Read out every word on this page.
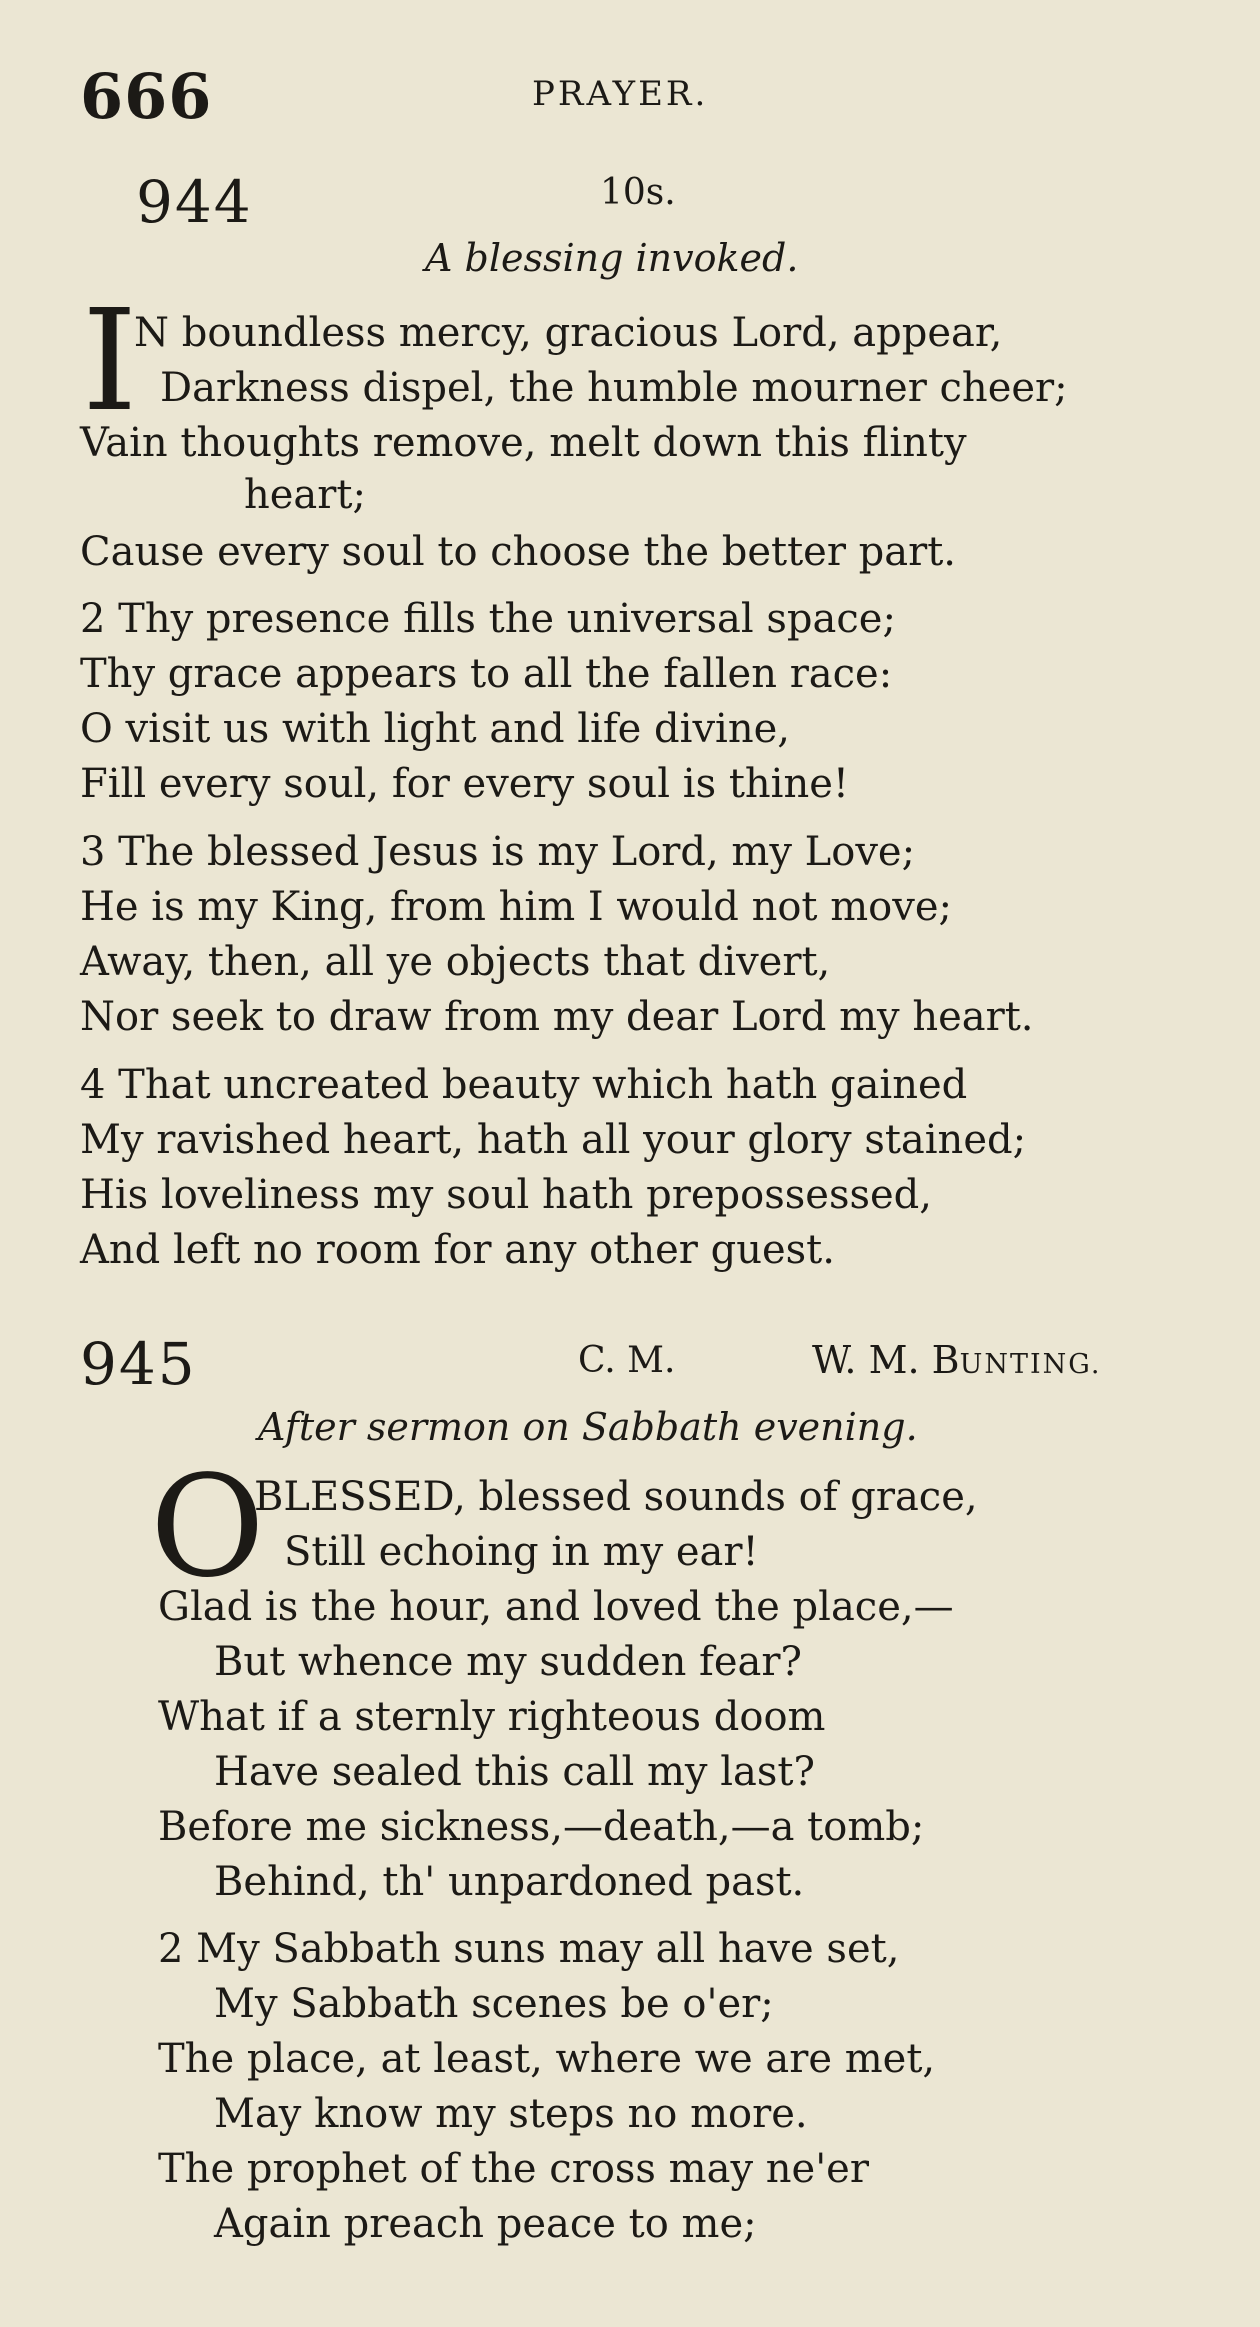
666	PRAYER.
944	10s.
A blessing invoked.
I
N boundless mercy, gracious Lord, appear,
Darkness dispel, the humble mourner cheer;
Vain thoughts remove, melt down this flinty
heart;
Cause every soul to choose the better part.
2 Thy presence fills the universal space;
Thy grace appears to all the fallen race:
O visit us with light and life divine,
Fill every soul, for every soul is thine!
3 The blessed Jesus is my Lord, my Love;
He is my King, from him I would not move;
Away, then, all ye objects that divert,
Nor seek to draw from my dear Lord my heart.
4 That uncreated beauty which hath gained
My ravished heart, hath all your glory stained;
His loveliness my soul hath prepossessed,
And left no room for any other guest.
945	C. M.	W. M. BUNTING.
After sermon on Sabbath evening.
O
BLESSED, blessed sounds of grace,
Still echoing in my ear!
Glad is the hour, and loved the place,—
But whence my sudden fear?
What if a sternly righteous doom
Have sealed this call my last?
Before me sickness,—death,—a tomb;
Behind, th' unpardoned past.
2 My Sabbath suns may all have set,
My Sabbath scenes be o'er;
The place, at least, where we are met,
May know my steps no more.
The prophet of the cross may ne'er
Again preach peace to me;
